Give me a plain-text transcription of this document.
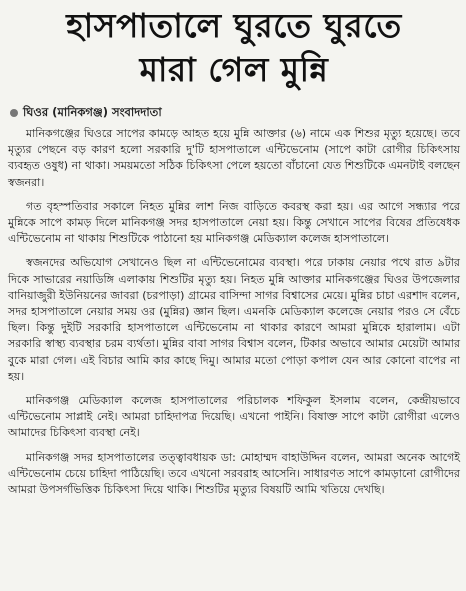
হাসপাতালে ঘুরতে ঘুরতে
মারা গেল মুন্নি
ঘিওর (মানিকগঞ্জ) সংবাদদাতা

মানিকগঞ্জের ঘিওরে সাপের কামড়ে আহত হয়ে মুন্নি আক্তার (৬) নামে এক শিশুর মৃত্যু হয়েছে। তবে মৃত্যুর পেছনে বড় কারণ হলো সরকারি দু'টি হাসপাতালে এন্টিভেনোম (সাপে কাটা রোগীর চিকিৎসায় ব্যবহৃত ওষুধ) না থাকা। সময়মতো সঠিক চিকিৎসা পেলে হয়তো বাঁচানো যেত শিশুটিকে এমনটাই বলছেন স্বজনরা।

গত বৃহস্পতিবার সকালে নিহত মুন্নির লাশ নিজ বাড়িতে কবরস্থ করা হয়। এর আগে সন্ধ্যার পরে মুন্নিকে সাপে কামড় দিলে মানিকগঞ্জ সদর হাসপাতালে নেয়া হয়। কিন্তু সেখানে সাপের বিষের প্রতিষেধক এন্টিভেনোম না থাকায় শিশুটিকে পাঠানো হয় মানিকগঞ্জ মেডিক্যাল কলেজ হাসপাতালে।

স্বজনদের অভিযোগ সেখানেও ছিল না এন্টিভেনোমের ব্যবস্থা। পরে ঢাকায় নেয়ার পথে রাত ৯টার দিকে সাভারের নয়াডিঙ্গি এলাকায় শিশুটির মৃত্যু হয়। নিহত মুন্নি আক্তার মানিকগঞ্জের ঘিওর উপজেলার বানিয়াজুরী ইউনিয়নের জাবরা (চরপাড়া) গ্রামের বাসিন্দা সাগর বিশ্বাসের মেয়ে। মুন্নির চাচা এরশাদ বলেন, সদর হাসপাতালে নেয়ার সময় ওর (মুন্নির) জ্ঞান ছিল। এমনকি মেডিক্যাল কলেজে নেয়ার পরও সে বেঁচে ছিল। কিন্তু দুইটি সরকারি হাসপাতালে এন্টিভেনোম না থাকার কারণে আমরা মুন্নিকে হারালাম। এটা সরকারি স্বাস্থ্য ব্যবস্থার চরম ব্যর্থতা। মুন্নির বাবা সাগর বিশ্বাস বলেন, টিকার অভাবে আমার মেয়েটা আমার বুকে মারা গেল। এই বিচার আমি কার কাছে দিমু। আমার মতো পোড়া কপাল যেন আর কোনো বাপের না হয়।

মানিকগঞ্জ মেডিক্যাল কলেজ হাসপাতালের পরিচালক শফিকুল ইসলাম বলেন, কেন্দ্রীয়ভাবে এন্টিভেনোম সাপ্লাই নেই। আমরা চাহিদাপত্র দিয়েছি। এখনো পাইনি। বিষাক্ত সাপে কাটা রোগীরা এলেও আমাদের চিকিৎসা ব্যবস্থা নেই।

মানিকগঞ্জ সদর হাসপাতালের তত্ত্বাবধায়ক ডা: মোহাম্মদ বাহাউদ্দিন বলেন, আমরা অনেক আগেই এন্টিভেনোম চেয়ে চাহিদা পাঠিয়েছি। তবে এখনো সরবরাহ আসেনি। সাধারণত সাপে কামড়ানো রোগীদের আমরা উপসর্গভিত্তিক চিকিৎসা দিয়ে থাকি। শিশুটির মৃত্যুর বিষয়টি আমি খতিয়ে দেখছি।
